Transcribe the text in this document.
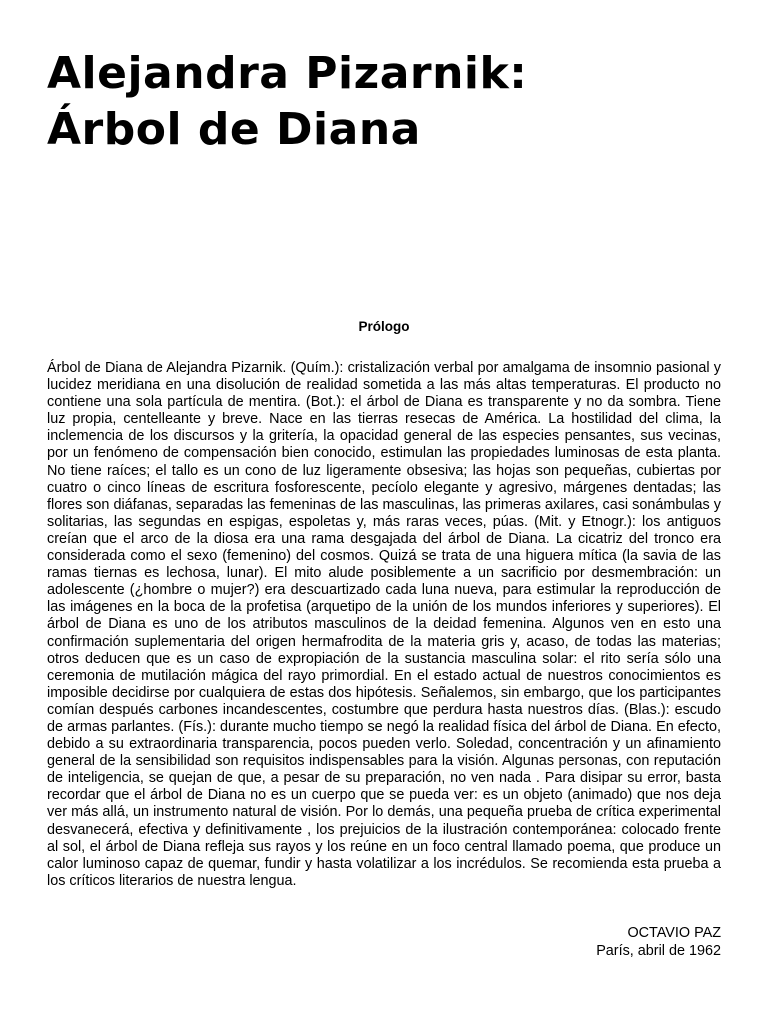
Alejandra Pizarnik:
Árbol de Diana
Prólogo

Árbol de Diana de Alejandra Pizarnik. (Quím.): cristalización verbal por amalgama de insomnio pasional y lucidez meridiana en una disolución de realidad sometida a las más altas temperaturas. El producto no contiene una sola partícula de mentira. (Bot.): el árbol de Diana es transparente y no da sombra. Tiene luz propia, centelleante y breve. Nace en las tierras resecas de América. La hostilidad del clima, la inclemencia de los discursos y la gritería, la opacidad general de las especies pensantes, sus vecinas, por un fenómeno de compensación bien conocido, estimulan las propiedades luminosas de esta planta. No tiene raíces; el tallo es un cono de luz ligeramente obsesiva; las hojas son pequeñas, cubiertas por cuatro o cinco líneas de escritura fosforescente, pecíolo elegante y agresivo, márgenes dentadas; las flores son diáfanas, separadas las femeninas de las masculinas, las primeras axilares, casi sonámbulas y solitarias, las segundas en espigas, espoletas y, más raras veces, púas. (Mit. y Etnogr.): los antiguos creían que el arco de la diosa era una rama desgajada del árbol de Diana. La cicatriz del tronco era considerada como el sexo (femenino) del cosmos. Quizá se trata de una higuera mítica (la savia de las ramas tiernas es lechosa, lunar). El mito alude posiblemente a un sacrificio por desmembración: un adolescente (¿hombre o mujer?) era descuartizado cada luna nueva, para estimular la reproducción de las imágenes en la boca de la profetisa (arquetipo de la unión de los mundos inferiores y superiores). El árbol de Diana es uno de los atributos masculinos de la deidad femenina. Algunos ven en esto una confirmación suplementaria del origen hermafrodita de la materia gris y, acaso, de todas las materias; otros deducen que es un caso de expropiación de la sustancia masculina solar: el rito sería sólo una ceremonia de mutilación mágica del rayo primordial. En el estado actual de nuestros conocimientos es imposible decidirse por cualquiera de estas dos hipótesis. Señalemos, sin embargo, que los participantes comían después carbones incandescentes, costumbre que perdura hasta nuestros días. (Blas.): escudo de armas parlantes. (Fís.): durante mucho tiempo se negó la realidad física del árbol de Diana. En efecto, debido a su extraordinaria transparencia, pocos pueden verlo. Soledad, concentración y un afinamiento general de la sensibilidad son requisitos indispensables para la visión. Algunas personas, con reputación de inteligencia, se quejan de que, a pesar de su preparación, no ven nada . Para disipar su error, basta recordar que el árbol de Diana no es un cuerpo que se pueda ver: es un objeto (animado) que nos deja ver más allá, un instrumento natural de visión. Por lo demás, una pequeña prueba de crítica experimental desvanecerá, efectiva y definitivamente , los prejuicios de la ilustración contemporánea: colocado frente al sol, el árbol de Diana refleja sus rayos y los reúne en un foco central llamado poema, que produce un calor luminoso capaz de quemar, fundir y hasta volatilizar a los incrédulos. Se recomienda esta prueba a los críticos literarios de nuestra lengua.

OCTAVIO PAZ
París, abril de 1962
